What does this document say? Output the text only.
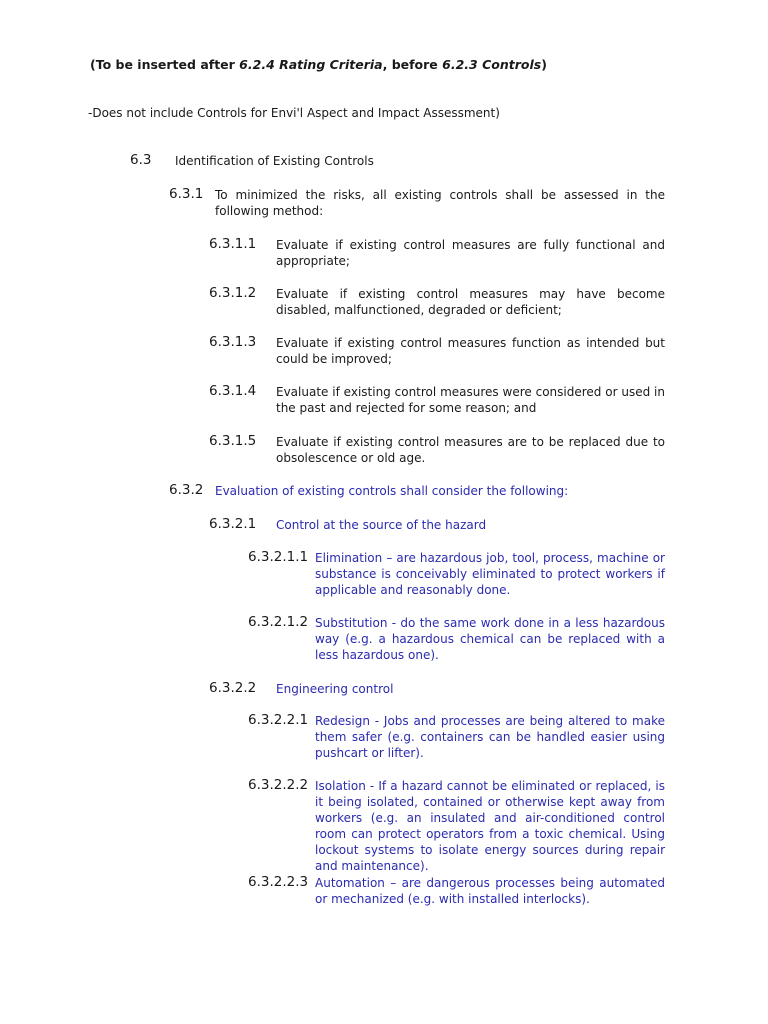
(To be inserted after 6.2.4 Rating Criteria, before 6.2.3 Controls)
-Does not include Controls for Envi'l Aspect and Impact Assessment)
6.3 Identification of Existing Controls
6.3.1 To minimized the risks, all existing controls shall be assessed in the following method:
6.3.1.1 Evaluate if existing control measures are fully functional and appropriate;
6.3.1.2 Evaluate if existing control measures may have become disabled, malfunctioned, degraded or deficient;
6.3.1.3 Evaluate if existing control measures function as intended but could be improved;
6.3.1.4 Evaluate if existing control measures were considered or used in the past and rejected for some reason; and
6.3.1.5 Evaluate if existing control measures are to be replaced due to obsolescence or old age.
6.3.2 Evaluation of existing controls shall consider the following:
6.3.2.1 Control at the source of the hazard
6.3.2.1.1 Elimination – are hazardous job, tool, process, machine or substance is conceivably eliminated to protect workers if applicable and reasonably done.
6.3.2.1.2 Substitution - do the same work done in a less hazardous way (e.g. a hazardous chemical can be replaced with a less hazardous one).
6.3.2.2 Engineering control
6.3.2.2.1 Redesign - Jobs and processes are being altered to make them safer (e.g. containers can be handled easier using pushcart or lifter).
6.3.2.2.2 Isolation - If a hazard cannot be eliminated or replaced, is it being isolated, contained or otherwise kept away from workers (e.g. an insulated and air-conditioned control room can protect operators from a toxic chemical. Using lockout systems to isolate energy sources during repair and maintenance).
6.3.2.2.3 Automation – are dangerous processes being automated or mechanized (e.g. with installed interlocks).
